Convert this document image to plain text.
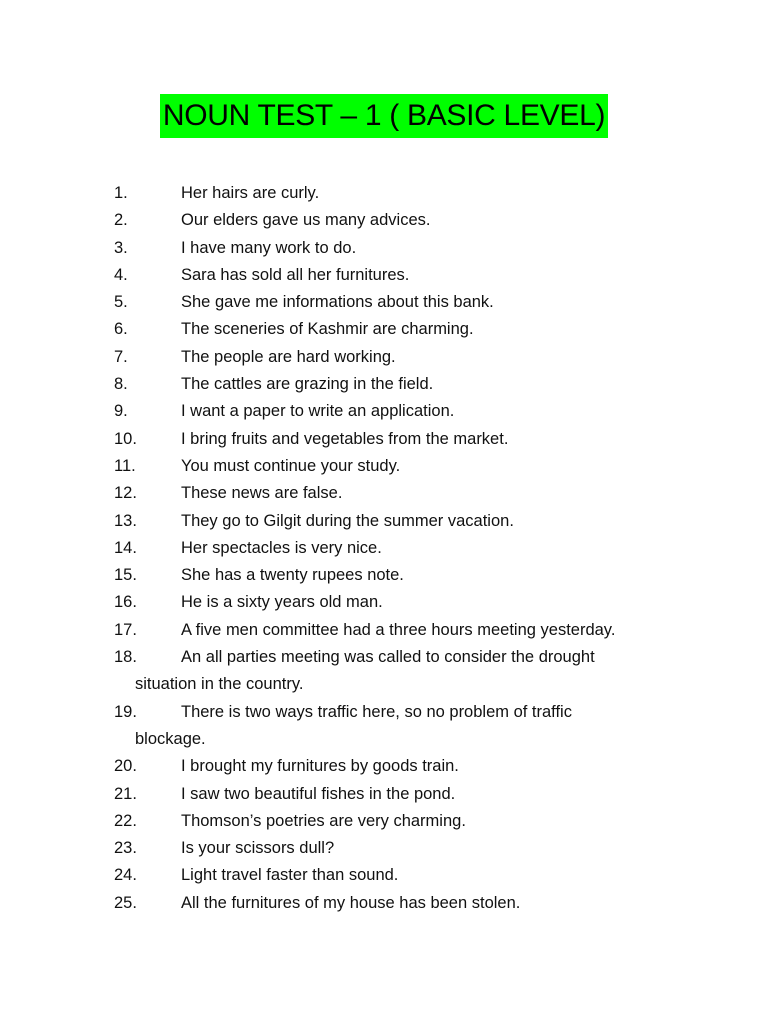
NOUN TEST – 1 ( BASIC LEVEL)
1.	Her hairs are curly.
2.	Our elders gave us many advices.
3.	I have many work to do.
4.	Sara has sold all her furnitures.
5.	She gave me informations about this bank.
6.	The sceneries of Kashmir are charming.
7.	The people are hard working.
8.	The cattles are grazing in the field.
9.	I want a paper to write an application.
10.	I bring fruits and vegetables from the market.
11.	You must continue your study.
12.	These news are false.
13.	They go to Gilgit during the summer vacation.
14.	Her spectacles is very nice.
15.	She has a twenty rupees note.
16.	He is a sixty years old man.
17.	A five men committee had a three hours meeting yesterday.
18.	An all parties meeting was called to consider the drought
situation in the country.
19.	There is two ways traffic here, so no problem of traffic
blockage.
20.	I brought my furnitures by goods train.
21.	I saw two beautiful fishes in the pond.
22.	Thomson’s poetries are very charming.
23.	Is your scissors dull?
24.	Light travel faster than sound.
25.	All the furnitures of my house has been stolen.
